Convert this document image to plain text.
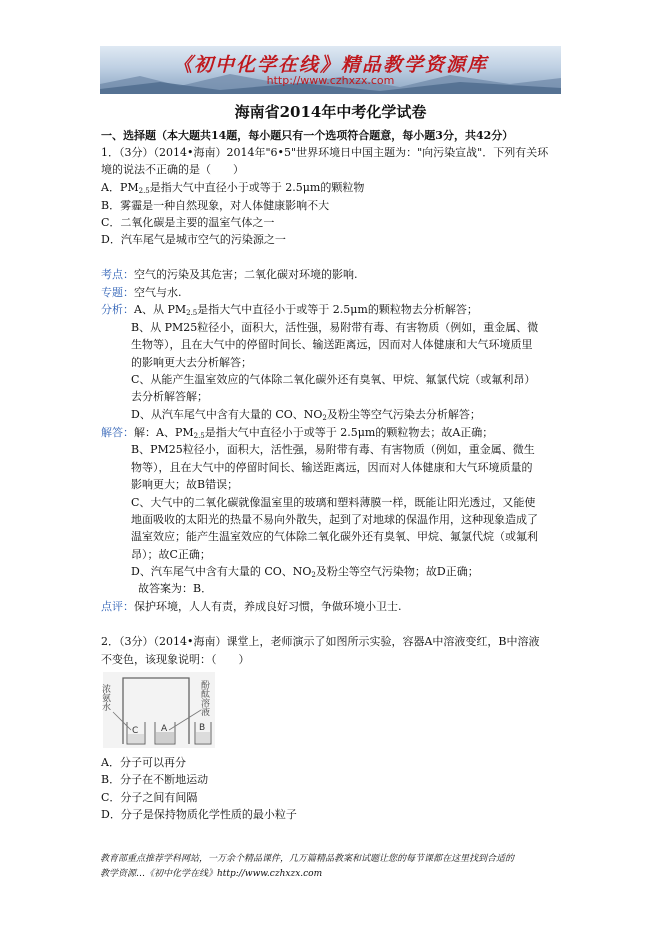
《初中化学在线》精品教学资源库
http://www.czhxzx.com
海南省2014年中考化学试卷
一、选择题（本大题共14题，每小题只有一个选项符合题意，每小题3分，共42分）
1．（3分）（2014•海南）2014年"6•5"世界环境日中国主题为："向污染宣战"．下列有关环
境的说法不正确的是（　　）
A．$PM_{2.5}$是指大气中直径小于或等于 2.5μm的颗粒物
B．雾霾是一种自然现象，对人体健康影响不大
C．二氧化碳是主要的温室气体之一
D．汽车尾气是城市空气的污染源之一
考点：空气的污染及其危害；二氧化碳对环境的影响.
专题：空气与水.
分析：A、从 $PM_{2.5}$是指大气中直径小于或等于 2.5μm的颗粒物去分析解答；
B、从 PM25粒径小，面积大，活性强，易附带有毒、有害物质（例如，重金属、微
生物等），且在大气中的停留时间长、输送距离远，因而对人体健康和大气环境质里
的影响更大去分析解答；
C、从能产生温室效应的气体除二氧化碳外还有臭氧、甲烷、氟氯代烷（或氟利昂）
去分析解答解；
D、从汽车尾气中含有大量的 CO、$NO_2$及粉尘等空气污染去分析解答；
解答：解：A、$PM_{2.5}$是指大气中直径小于或等于 2.5μm的颗粒物去；故A正确；
B、PM25粒径小，面积大，活性强，易附带有毒、有害物质（例如，重金属、微生
物等），且在大气中的停留时间长、输送距离远，因而对人体健康和大气环境质量的
影响更大；故B错误；
C、大气中的二氧化碳就像温室里的玻璃和塑料薄膜一样，既能让阳光透过，又能使
地面吸收的太阳光的热量不易向外散失，起到了对地球的保温作用，这种现象造成了
温室效应；能产生温室效应的气体除二氧化碳外还有臭氧、甲烷、氟氯代烷（或氟利
昂）；故C正确；
D、汽车尾气中含有大量的 CO、$NO_2$及粉尘等空气污染物；故D正确；
故答案为：B．
点评：保护环境，人人有责，养成良好习惯，争做环境小卫士.
2．（3分）（2014•海南）课堂上，老师演示了如图所示实验，容器A中溶液变红，B中溶液
不变色，该现象说明：（　　）
浓氨水	酚酞溶液
C	A	B
A．分子可以再分
B．分子在不断地运动
C．分子之间有间隔
D．分子是保持物质化学性质的最小粒子
教育部重点推荐学科网站，一万余个精品课件，几万篇精品教案和试题让您的每节课都在这里找到合适的
教学资源…《初中化学在线》http://www.czhxzx.com
